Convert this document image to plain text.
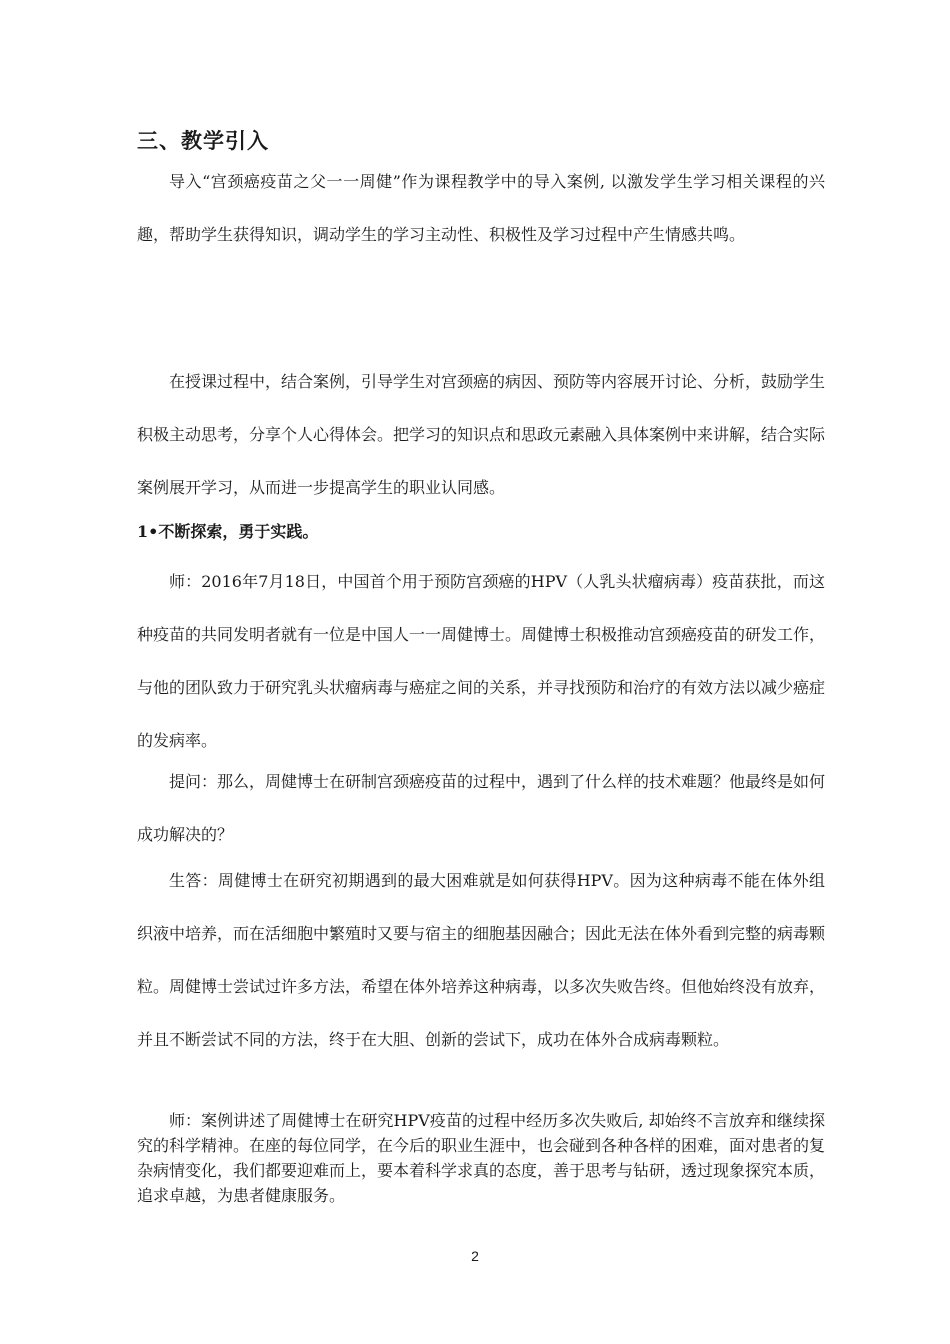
三、教学引入

导入“宫颈癌疫苗之父一一周健”作为课程教学中的导入案例, 以激发学生学习相关课程的兴趣，帮助学生获得知识，调动学生的学习主动性、积极性及学习过程中产生情感共鸣。

在授课过程中，结合案例，引导学生对宫颈癌的病因、预防等内容展开讨论、分析，鼓励学生积极主动思考，分享个人心得体会。把学习的知识点和思政元素融入具体案例中来讲解，结合实际案例展开学习，从而进一步提高学生的职业认同感。

1•不断探索，勇于实践。

师：2016年7月18日，中国首个用于预防宫颈癌的HPV（人乳头状瘤病毒）疫苗获批，而这种疫苗的共同发明者就有一位是中国人一一周健博士。周健博士积极推动宫颈癌疫苗的研发工作，与他的团队致力于研究乳头状瘤病毒与癌症之间的关系，并寻找预防和治疗的有效方法以减少癌症的发病率。

提问：那么，周健博士在研制宫颈癌疫苗的过程中，遇到了什么样的技术难题？他最终是如何成功解决的？

生答：周健博士在研究初期遇到的最大困难就是如何获得HPV。因为这种病毒不能在体外组织液中培养，而在活细胞中繁殖时又要与宿主的细胞基因融合；因此无法在体外看到完整的病毒颗粒。周健博士尝试过许多方法，希望在体外培养这种病毒，以多次失败告终。但他始终没有放弃，并且不断尝试不同的方法，终于在大胆、创新的尝试下，成功在体外合成病毒颗粒。

师：案例讲述了周健博士在研究HPV疫苗的过程中经历多次失败后, 却始终不言放弃和继续探究的科学精神。在座的每位同学，在今后的职业生涯中，也会碰到各种各样的困难，面对患者的复杂病情变化，我们都要迎难而上，要本着科学求真的态度，善于思考与钻研，透过现象探究本质，追求卓越，为患者健康服务。

2
